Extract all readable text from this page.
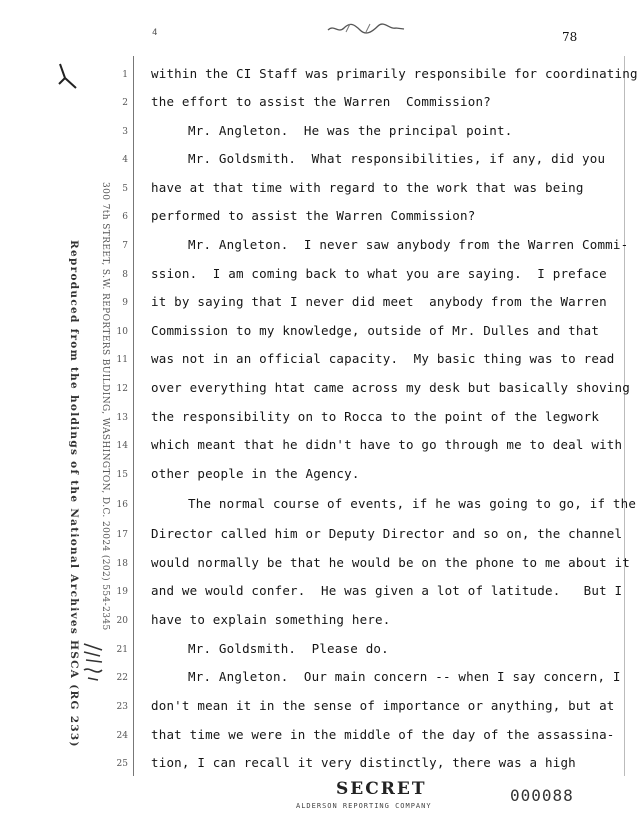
4	78
300 7th STREET, S.W. REPORTERS BUILDING, WASHINGTON, D.C. 20024 (202) 554-2345
Reproduced from the holdings of the National Archives HSCA (RG 233)
1
2
3
4
5
6
7
8
9
10
11
12
13
14
15
16
17
18
19
20
21
22
23
24
25
within the CI Staff was primarily responsibile for coordinating
the effort to assist the Warren  Commission?
Mr. Angleton.  He was the principal point.
Mr. Goldsmith.  What responsibilities, if any, did you
have at that time with regard to the work that was being
performed to assist the Warren Commission?
Mr. Angleton.  I never saw anybody from the Warren Commi-
ssion.  I am coming back to what you are saying.  I preface
it by saying that I never did meet  anybody from the Warren
Commission to my knowledge, outside of Mr. Dulles and that
was not in an official capacity.  My basic thing was to read
over everything htat came across my desk but basically shoving
the responsibility on to Rocca to the point of the legwork
which meant that he didn't have to go through me to deal with
other people in the Agency.
The normal course of events, if he was going to go, if the
Director called him or Deputy Director and so on, the channel
would normally be that he would be on the phone to me about it
and we would confer.  He was given a lot of latitude.   But I
have to explain something here.
Mr. Goldsmith.  Please do.
Mr. Angleton.  Our main concern -- when I say concern, I
don't mean it in the sense of importance or anything, but at
that time we were in the middle of the day of the assassina-
tion, I can recall it very distinctly, there was a high
SECRET
ALDERSON REPORTING COMPANY
000088
